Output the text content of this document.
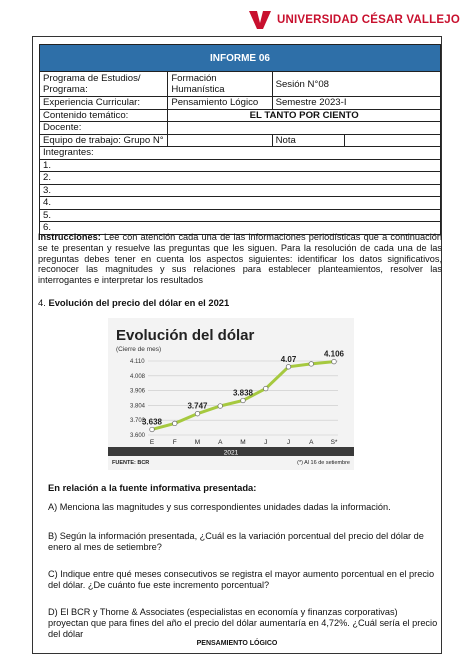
UNIVERSIDAD CÉSAR VALLEJO
INFORME 06			
Programa de Estudios/ Programa:	Formación Humanística	Sesión N°08	
Experiencia Curricular:	Pensamiento Lógico	Semestre 2023-I	
Contenido temático:	EL TANTO POR CIENTO		
Docente:			
Equipo de trabajo: Grupo N°		Nota	
Integrantes:			
1.			
2.			
3.			
4.			
5.			
6.			
Instrucciones: Lee con atención cada una de las informaciones periodísticas que a continuación se te presentan y resuelve las preguntas que les siguen. Para la resolución de cada una de las preguntas debes tener en cuenta los aspectos siguientes: identificar los datos significativos, reconocer las magnitudes y sus relaciones para establecer planteamientos, resolver las interrogantes e interpretar los resultados
4. Evolución del precio del dólar en el 2021
Evolución del dólar
(Cierre de mes)
4.110
4.008
3.906
3.804
3.702
3.600
E	F	M	A	M	J	J	A	S*
3.638
3.747
3.838
4.07
4.106
2021
FUENTE: BCR	(*) Al 16 de setiembre
En relación a la fuente informativa presentada:
A) Menciona las magnitudes y sus correspondientes unidades dadas la información.
B) Según la información presentada, ¿Cuál es la variación porcentual del precio del dólar de enero al mes de setiembre?
C) Indique entre qué meses consecutivos se registra el mayor aumento porcentual en el precio del dólar. ¿De cuánto fue este incremento porcentual?
D) El BCR y Thorne & Associates (especialistas en economía y finanzas corporativas) proyectan que para fines del año el precio del dólar aumentaría en 4,72%. ¿Cuál sería el precio del dólar
PENSAMIENTO LÓGICO
